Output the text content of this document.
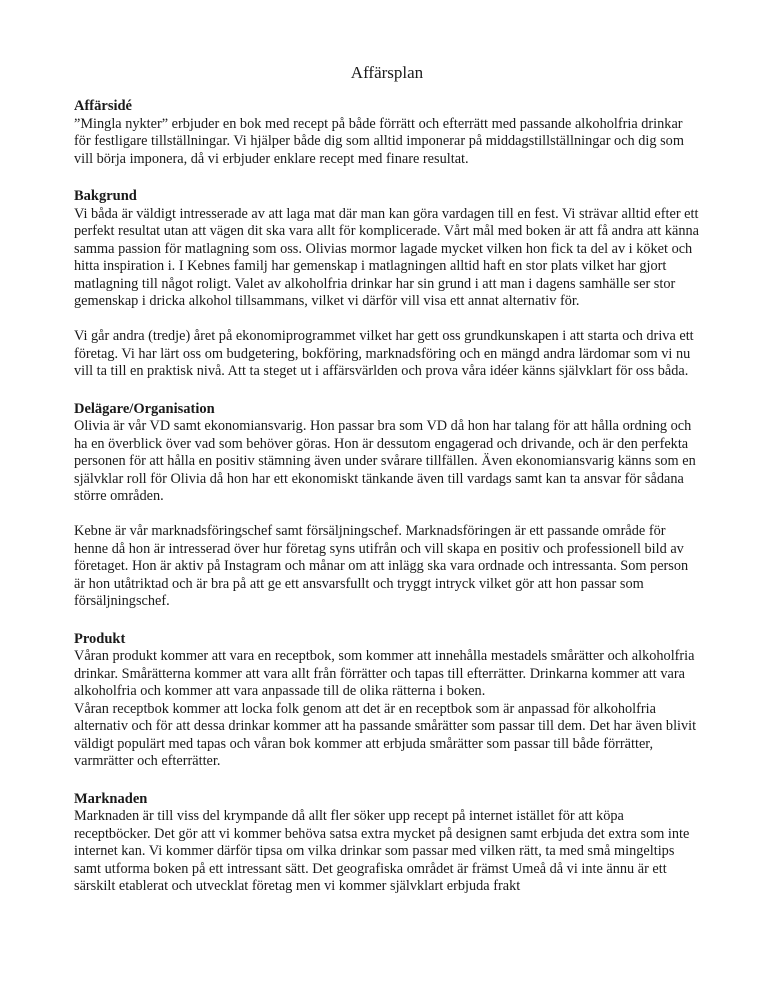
Affärsplan

Affärsidé

”Mingla nykter” erbjuder en bok med recept på både förrätt och efterrätt med passande alkoholfria drinkar för festligare tillställningar. Vi hjälper både dig som alltid imponerar på middagstillställningar och dig som vill börja imponera, då vi erbjuder enklare recept med finare resultat.

Bakgrund

Vi båda är väldigt intresserade av att laga mat där man kan göra vardagen till en fest. Vi strävar alltid efter ett perfekt resultat utan att vägen dit ska vara allt för komplicerade. Vårt mål med boken är att få andra att känna samma passion för matlagning som oss. Olivias mormor lagade mycket vilken hon fick ta del av i köket och hitta inspiration i. I Kebnes familj har gemenskap i matlagningen alltid haft en stor plats vilket har gjort matlagning till något roligt. Valet av alkoholfria drinkar har sin grund i att man i dagens samhälle ser stor gemenskap i dricka alkohol tillsammans, vilket vi därför vill visa ett annat alternativ för.

Vi går andra (tredje) året på ekonomiprogrammet vilket har gett oss grundkunskapen i att starta och driva ett företag. Vi har lärt oss om budgetering, bokföring, marknadsföring och en mängd andra lärdomar som vi nu vill ta till en praktisk nivå. Att ta steget ut i affärsvärlden och prova våra idéer känns självklart för oss båda.

Delägare/Organisation

Olivia är vår VD samt ekonomiansvarig. Hon passar bra som VD då hon har talang för att hålla ordning och ha en överblick över vad som behöver göras. Hon är dessutom engagerad och drivande, och är den perfekta personen för att hålla en positiv stämning även under svårare tillfällen. Även ekonomiansvarig känns som en självklar roll för Olivia då hon har ett ekonomiskt tänkande även till vardags samt kan ta ansvar för sådana större områden.

Kebne är vår marknadsföringschef samt försäljningschef. Marknadsföringen är ett passande område för henne då hon är intresserad över hur företag syns utifrån och vill skapa en positiv och professionell bild av företaget. Hon är aktiv på Instagram och månar om att inlägg ska vara ordnade och intressanta. Som person är hon utåtriktad och är bra på att ge ett ansvarsfullt och tryggt intryck vilket gör att hon passar som försäljningschef.

Produkt

Våran produkt kommer att vara en receptbok, som kommer att innehålla mestadels smårätter och alkoholfria drinkar. Smårätterna kommer att vara allt från förrätter och tapas till efterrätter. Drinkarna kommer att vara alkoholfria och kommer att vara anpassade till de olika rätterna i boken.

Våran receptbok kommer att locka folk genom att det är en receptbok som är anpassad för alkoholfria alternativ och för att dessa drinkar kommer att ha passande smårätter som passar till dem. Det har även blivit väldigt populärt med tapas och våran bok kommer att erbjuda smårätter som passar till både förrätter, varmrätter och efterrätter.

Marknaden

Marknaden är till viss del krympande då allt fler söker upp recept på internet istället för att köpa receptböcker. Det gör att vi kommer behöva satsa extra mycket på designen samt erbjuda det extra som inte internet kan. Vi kommer därför tipsa om vilka drinkar som passar med vilken rätt, ta med små mingeltips samt utforma boken på ett intressant sätt. Det geografiska området är främst Umeå då vi inte ännu är ett särskilt etablerat och utvecklat företag men vi kommer självklart erbjuda frakt
